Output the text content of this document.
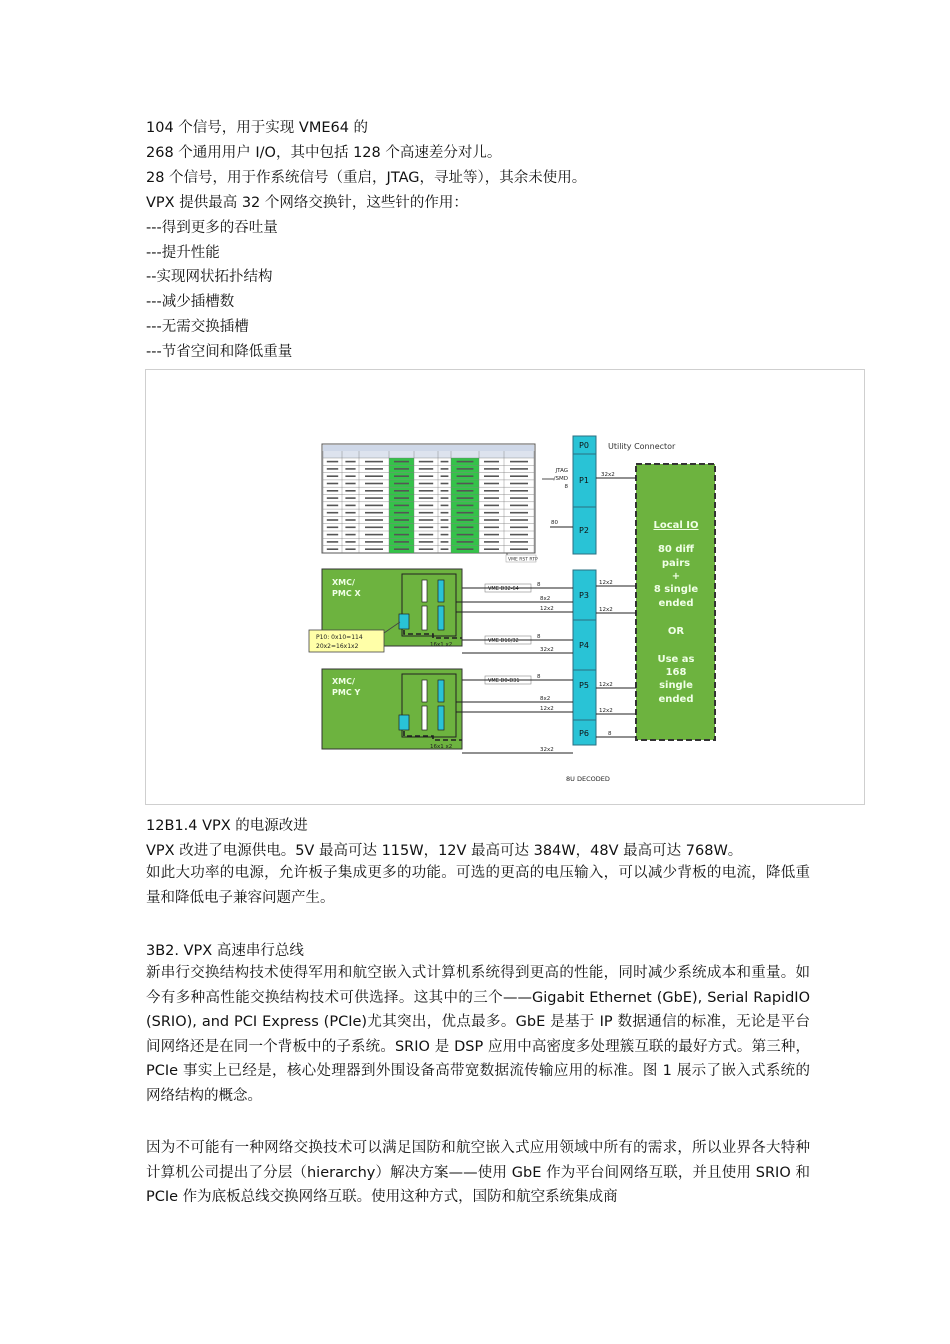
104 个信号，用于实现 VME64 的
268 个通用用户 I/O，其中包括 128 个高速差分对儿。
28 个信号，用于作系统信号（重启，JTAG，寻址等），其余未使用。
VPX 提供最高 32 个网络交换针，这些针的作用：
---得到更多的吞吐量
---提升性能
--实现网状拓扑结构
---减少插槽数
---无需交换插槽
---节省空间和降低重量
VME RST RTP
Local IO
80 diff
pairs
+
8 single
ended
OR
Use as
168
single
ended
P0
P1
P2
P3
P4
P5
P6
Utility Connector
JTAG
/SMD
8
80
32x2
12x2
12x2
12x2
12x2
8
XMC/
PMC X
XMC/
PMC Y
P10: 0x10=114
20x2=16x1x2
VME D32-64
VME D16/32
VME D0-D31
8
8x2
12x2
8
32x2
8
8x2
12x2
32x2
16x1 x2
16x1 x2
8U DECODED
12B1.4 VPX 的电源改进
VPX 改进了电源供电。5V 最高可达 115W，12V 最高可达 384W，48V 最高可达 768W。
如此大功率的电源，允许板子集成更多的功能。可选的更高的电压输入，可以减少背板的电流，降低重量和降低电子兼容问题产生。
3B2. VPX 高速串行总线
新串行交换结构技术使得军用和航空嵌入式计算机系统得到更高的性能，同时减少系统成本和重量。如今有多种高性能交换结构技术可供选择。这其中的三个——Gigabit Ethernet (GbE), Serial RapidIO (SRIO), and PCI Express (PCIe)尤其突出，优点最多。GbE 是基于 IP 数据通信的标准，无论是平台间网络还是在同一个背板中的子系统。SRIO 是 DSP 应用中高密度多处理簇互联的最好方式。第三种，PCIe 事实上已经是，核心处理器到外围设备高带宽数据流传输应用的标准。图 1 展示了嵌入式系统的网络结构的概念。
因为不可能有一种网络交换技术可以满足国防和航空嵌入式应用领域中所有的需求，所以业界各大特种计算机公司提出了分层（hierarchy）解决方案——使用 GbE 作为平台间网络互联，并且使用 SRIO 和 PCIe 作为底板总线交换网络互联。使用这种方式，国防和航空系统集成商
